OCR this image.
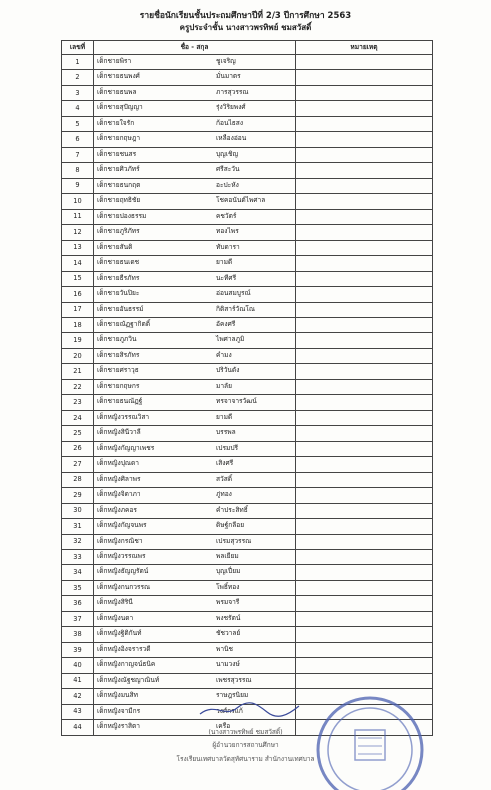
รายชื่อนักเรียนชั้นประถมศึกษาปีที่ 2/3 ปีการศึกษา 2563
ครูประจำชั้น นางสาวพรทิพย์ ชมสวัสดิ์
เลขที่	ชื่อ - สกุล	หมายเหตุ
1	เด็กชายพิรา ชูเจริญ	

2	เด็กชายธนพงศ์ มั่นมาตร	

3	เด็กชายธนพล ภารสุวรรณ	

4	เด็กชายสุปัญญา รุ่งวิริยพงศ์	

5	เด็กชายใจรัก ก้อนไธสง	

6	เด็กชายกฤษฎา เหลืองอ่อน	

7	เด็กชายชนสร บุญเชิญ	

8	เด็กชายศิวภัทร์ ศรีสะวัน	

9	เด็กชายธนกฤต อะปะหัง	

10	เด็กชายฤทธิชัย โชคอนันต์ไพศาล	

11	เด็กชายปองธรรม คชวัตร์	

12	เด็กชายภูริภัทร ทองไพร	

13	เด็กชายสันติ ทับดารา	

14	เด็กชายธนเดช ยามดี	

15	เด็กชายธีรภัทร นะทีศรี	

16	เด็กชายวันปิยะ อ่อนสมบูรณ์	

17	เด็กชายอันธรรม์ กิติสาร์วัณโณ	

18	เด็กชายณัฏฐากิตติ์ อัคงศรี	

19	เด็กชายภูภวิน ไพศาลภูมิ	

20	เด็กชายสิรภัทร คำมง	

21	เด็กชายศราวุธ ปริวันดัง	

22	เด็กชายกฤษกร มาลัย	

23	เด็กชายธนณัฏฐ์ ทรจาจารวัฒน์	

24	เด็กหญิงวรรณวิสา ยามดี	

25	เด็กหญิงสินีวาลี บรรพล	

26	เด็กหญิงกัญญาเพชร เปรมปรี	

27	เด็กหญิงปุณดา เสิงศรี	

28	เด็กหญิงศิลาพร สวัสดิ์	

29	เด็กหญิงจิดาภา ภู่ทอง	

30	เด็กหญิงภคอร คำประสิทธิ์	

31	เด็กหญิงกัญจนพร ดิษฐ์กลีอย	

32	เด็กหญิงกรณิชา เปรมสุวรรณ	

33	เด็กหญิงวรรณพร พลเยียม	

34	เด็กหญิงธัญญรัตน์ บุญเปี่ยม	

35	เด็กหญิงกนกวรรณ โพธิ์ทอง	

36	เด็กหญิงสิรินี พรมจารี	

37	เด็กหญิงนดา พงชรัตน์	

38	เด็กหญิงฐิติกันท์ ชัชวาลย์	

39	เด็กหญิงอิงจรารวดี พานิช	

40	เด็กหญิงกาญจน์ธนิค นามวงษ์	

41	เด็กหญิงณัฐชญาณินท์ เพชรสุวรรณ	

42	เด็กหญิงมนสิท ราษฎรนิยม	

43	เด็กหญิงจามีกร วงศ์กรแก้	

44	เด็กหญิงราสิตา เครือ	

(นางสาวพรทิพย์ ชมสวัสดิ์)
ผู้อำนวยการสถานศึกษา
โรงเรียนเทศบาลวัดสุทัศนาราม สำนักงานเทศบาล
